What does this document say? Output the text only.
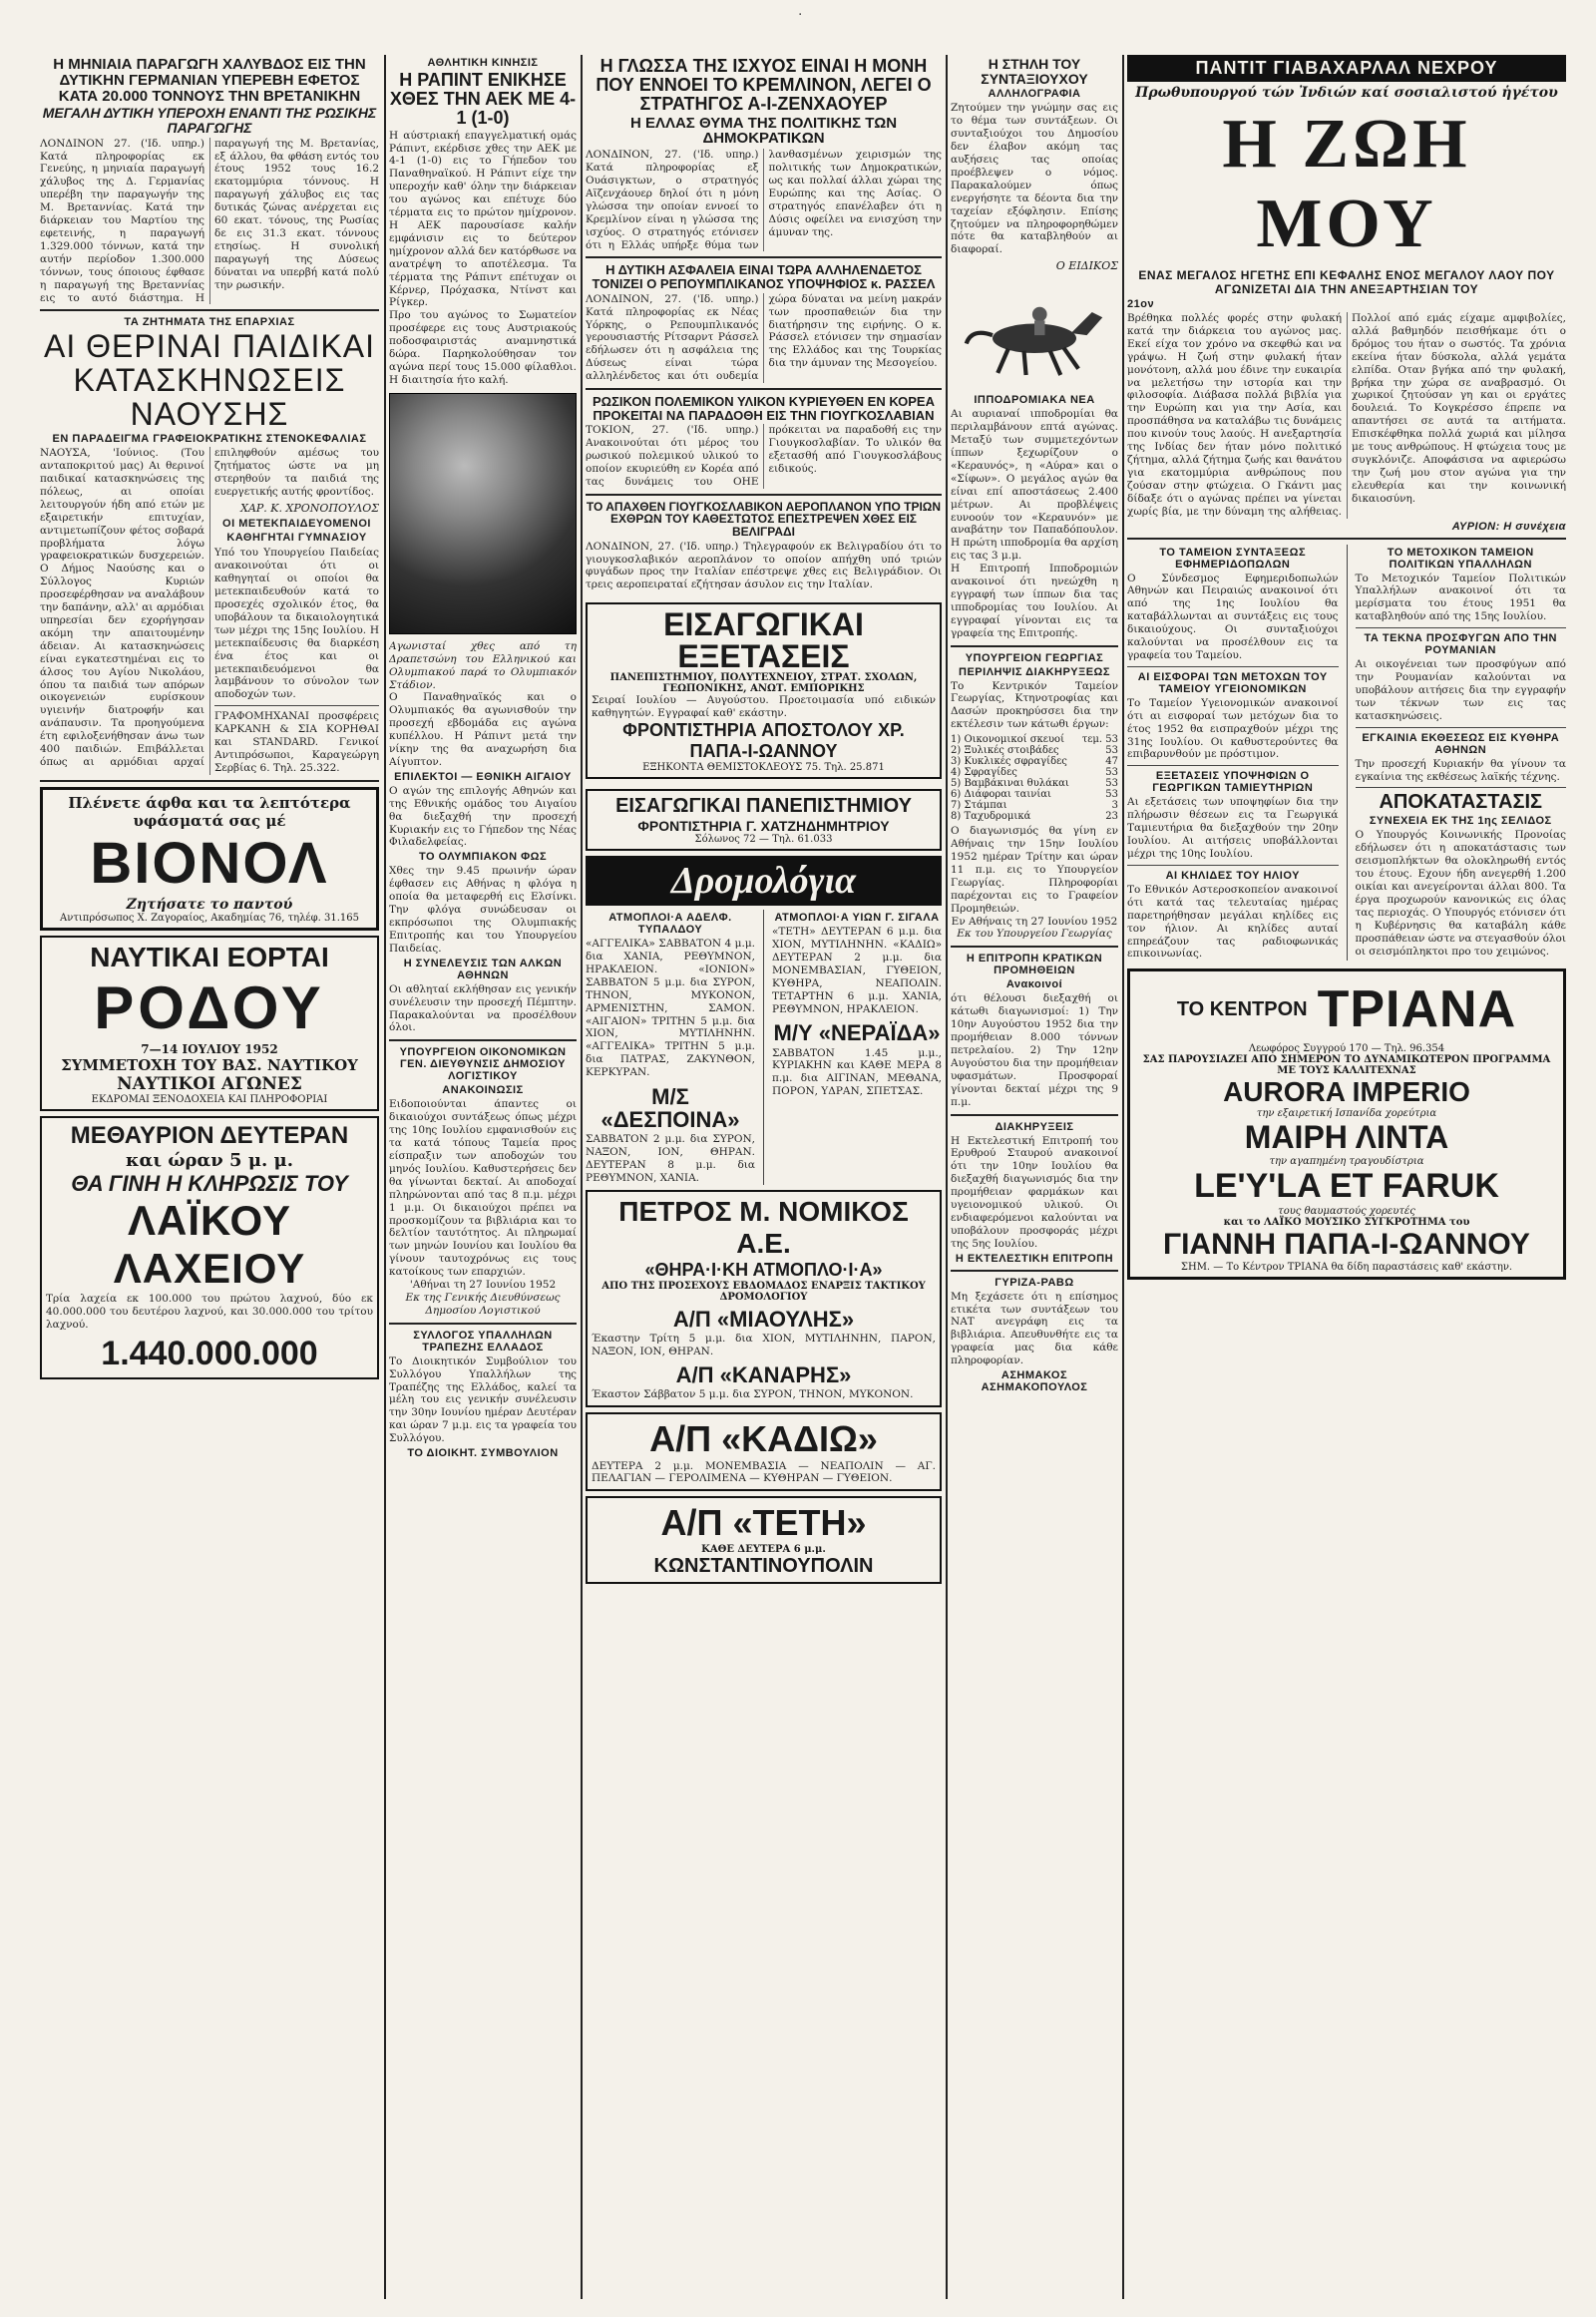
.
Η ΜΗΝΙΑΙΑ ΠΑΡΑΓΩΓΗ ΧΑΛΥΒΔΟΣ ΕΙΣ ΤΗΝ ΔΥΤΙΚΗΝ ΓΕΡΜΑΝΙΑΝ ΥΠΕΡΕΒΗ ΕΦΕΤΟΣ ΚΑΤΑ 20.000 ΤΟΝΝΟΥΣ ΤΗΝ ΒΡΕΤΑΝΙΚΗΝ
ΜΕΓΑΛΗ ΔΥΤΙΚΗ ΥΠΕΡΟΧΗ ΕΝΑΝΤΙ ΤΗΣ ΡΩΣΙΚΗΣ ΠΑΡΑΓΩΓΗΣ
ΛΟΝΔΙΝΟΝ 27. ('Ιδ. υπηρ.) Κατά πληροφορίας εκ Γενεύης, η μηνιαία παραγωγή χάλυβος της Δ. Γερμανίας υπερέβη την παραγωγήν της Μ. Βρεταννίας. Κατά την διάρκειαν του Μαρτίου της εφετεινής, η παραγωγή 1.329.000 τόννων, κατά την αυτήν περίοδον 1.300.000 τόννων, τους όποιους έφθασε η παραγωγή της Βρεταννίας εις το αυτό διάστημα. Η παραγωγή της Μ. Βρετανίας, εξ άλλου, θα φθάση εντός του έτους 1952 τους 16.2 εκατομμύρια τόννους. Η παραγωγή χάλυβος εις τας δυτικάς ζώνας ανέρχεται εις 60 εκατ. τόνους, της Ρωσίας δε εις 31.3 εκατ. τόννους ετησίως. Η συνολική παραγωγή της Δύσεως δύναται να υπερβή κατά πολύ την ρωσικήν.
ΤΑ ΖΗΤΗΜΑΤΑ ΤΗΣ ΕΠΑΡΧΙΑΣ
ΑΙ ΘΕΡΙΝΑΙ ΠΑΙΔΙΚΑΙ ΚΑΤΑΣΚΗΝΩΣΕΙΣ ΝΑΟΥΣΗΣ
ΕΝ ΠΑΡΑΔΕΙΓΜΑ ΓΡΑΦΕΙΟΚΡΑΤΙΚΗΣ ΣΤΕΝΟΚΕΦΑΛΙΑΣ
ΝΑΟΥΣΑ, 'Ιούνιος. (Του ανταποκριτού μας) Αι θερινοί παιδικαί κατασκηνώσεις της πόλεως, αι οποίαι λειτουργούν ήδη από ετών με εξαιρετικήν επιτυχίαν, αντιμετωπίζουν φέτος σοβαρά προβλήματα λόγω γραφειοκρατικών δυσχερειών. Ο Δήμος Ναούσης και ο Σύλλογος Κυριών προσεφέρθησαν να αναλάβουν την δαπάνην, αλλ' αι αρμόδιαι υπηρεσίαι δεν εχορήγησαν ακόμη την απαιτουμένην άδειαν. Αι κατασκηνώσεις είναι εγκατεστημέναι εις το άλσος του Αγίου Νικολάου, όπου τα παιδιά των απόρων οικογενειών ευρίσκουν υγιεινήν διατροφήν και ανάπαυσιν. Τα προηγούμενα έτη εφιλοξενήθησαν άνω των 400 παιδιών. Επιβάλλεται όπως αι αρμόδιαι αρχαί επιληφθούν αμέσως του ζητήματος ώστε να μη στερηθούν τα παιδιά της ευεργετικής αυτής φροντίδος.
ΧΑΡ. Κ. ΧΡΟΝΟΠΟΥΛΟΣ
ΟΙ ΜΕΤΕΚΠΑΙΔΕΥΟΜΕΝΟΙ ΚΑΘΗΓΗΤΑΙ ΓΥΜΝΑΣΙΟΥ
Υπό του Υπουργείου Παιδείας ανακοινούται ότι οι καθηγηταί οι οποίοι θα μετεκπαιδευθούν κατά το προσεχές σχολικόν έτος, θα υποβάλουν τα δικαιολογητικά των μέχρι της 15ης Ιουλίου. Η μετεκπαίδευσις θα διαρκέση ένα έτος και οι μετεκπαιδευόμενοι θα λαμβάνουν το σύνολον των αποδοχών των.
ΓΡΑΦΟΜΗΧΑΝΑΙ προσφέρεις ΚΑΡΚΑΝΗ & ΣΙΑ ΚΟΡΗΘΑΙ και STANDARD. Γενικοί Αντιπρόσωποι, Καραγεώργη Σερβίας 6. Τηλ. 25.322.
Πλένετε άφθα και τα λεπτότερα υφάσματά σας μέ
ΒΙΟΝΟΛ
Ζητήσατε το παντού
Αντιπρόσωπος Χ. Ζαγοραίος, Ακαδημίας 76, τηλέφ. 31.165
ΝΑΥΤΙΚΑΙ ΕΟΡΤΑΙ
ΡΟΔΟΥ
7—14 ΙΟΥΛΙΟΥ 1952
ΣΥΜΜΕΤΟΧΗ ΤΟΥ ΒΑΣ. ΝΑΥΤΙΚΟΥ
ΝΑΥΤΙΚΟΙ ΑΓΩΝΕΣ
ΕΚΔΡΟΜΑΙ ΞΕΝΟΔΟΧΕΙΑ ΚΑΙ ΠΛΗΡΟΦΟΡΙΑΙ
ΜΕΘΑΥΡΙΟΝ ΔΕΥΤΕΡΑΝ
και ώραν 5 μ. μ.
ΘΑ ΓΙΝΗ Η ΚΛΗΡΩΣΙΣ ΤΟΥ
ΛΑΪΚΟΥ ΛΑΧΕΙΟΥ
Τρία λαχεία εκ 100.000 του πρώτου λαχνού, δύο εκ 40.000.000 του δευτέρου λαχνού, και 30.000.000 του τρίτου λαχνού.
1.440.000.000
ΑΘΛΗΤΙΚΗ ΚΙΝΗΣΙΣ
Η ΡΑΠΙΝΤ ΕΝΙΚΗΣΕ ΧΘΕΣ ΤΗΝ ΑΕΚ ΜΕ 4-1 (1-0)
Η αύστριακή επαγγελματική ομάς Ράπιντ, εκέρδισε χθες την ΑΕΚ με 4-1 (1-0) εις το Γήπεδον του Παναθηναϊκού. Η Ράπιντ είχε την υπεροχήν καθ' όλην την διάρκειαν του αγώνος και επέτυχε δύο τέρματα εις το πρώτον ημίχρονον. Η ΑΕΚ παρουσίασε καλήν εμφάνισιν εις το δεύτερον ημίχρονον αλλά δεν κατόρθωσε να ανατρέψη το αποτέλεσμα. Τα τέρματα της Ράπιντ επέτυχαν οι Κέρνερ, Πρόχασκα, Ντίνστ και Ρίγκερ.
Προ του αγώνος το Σωματείον προσέφερε εις τους Αυστριακούς ποδοσφαιριστάς αναμνηστικά δώρα. Παρηκολούθησαν τον αγώνα περί τους 15.000 φίλαθλοι. Η διαιτησία ήτο καλή.
Αγωνισταί χθες από τη Δραπετσώνη του Ελληνικού και Ολυμπιακού παρά το Ολυμπιακόν Στάδιον.
Ο Παναθηναϊκός και ο Ολυμπιακός θα αγωνισθούν την προσεχή εβδομάδα εις αγώνα κυπέλλου. Η Ράπιντ μετά την νίκην της θα αναχωρήση δια Αίγυπτον.
ΕΠΙΛΕΚΤΟΙ — ΕΘΝΙΚΗ ΑΙΓΑΙΟΥ
Ο αγών της επιλογής Αθηνών και της Εθνικής ομάδος του Αιγαίου θα διεξαχθή την προσεχή Κυριακήν εις το Γήπεδον της Νέας Φιλαδελφείας.
ΤΟ ΟΛΥΜΠΙΑΚΟΝ ΦΩΣ
Χθες την 9.45 πρωινήν ώραν έφθασεν εις Αθήνας η φλόγα η οποία θα μεταφερθή εις Ελσίνκι. Την φλόγα συνώδευσαν οι εκπρόσωποι της Ολυμπιακής Επιτροπής και του Υπουργείου Παιδείας.
Η ΣΥΝΕΛΕΥΣΙΣ ΤΩΝ ΑΛΚΩΝ ΑΘΗΝΩΝ
Οι αθληταί εκλήθησαν εις γενικήν συνέλευσιν την προσεχή Πέμπτην. Παρακαλούνται να προσέλθουν όλοι.
ΥΠΟΥΡΓΕΙΟΝ ΟΙΚΟΝΟΜΙΚΩΝ ΓΕΝ. ΔΙΕΥΘΥΝΣΙΣ ΔΗΜΟΣΙΟΥ ΛΟΓΙΣΤΙΚΟΥ
ΑΝΑΚΟΙΝΩΣΙΣ
Ειδοποιούνται άπαντες οι δικαιούχοι συντάξεως όπως μέχρι της 10ης Ιουλίου εμφανισθούν εις τα κατά τόπους Ταμεία προς είσπραξιν των αποδοχών του μηνός Ιουλίου. Καθυστερήσεις δεν θα γίνωνται δεκταί. Αι αποδοχαί πληρώνονται από τας 8 π.μ. μέχρι 1 μ.μ. Οι δικαιούχοι πρέπει να προσκομίζουν τα βιβλιάρια και το δελτίον ταυτότητος. Αι πληρωμαί των μηνών Ιουνίου και Ιουλίου θα γίνουν ταυτοχρόνως εις τους κατοίκους των επαρχιών.
'Αθήναι τη 27 Ιουνίου 1952
Εκ της Γενικής Διευθύνσεως Δημοσίου Λογιστικού
ΣΥΛΛΟΓΟΣ ΥΠΑΛΛΗΛΩΝ ΤΡΑΠΕΖΗΣ ΕΛΛΑΔΟΣ
Το Διοικητικόν Συμβούλιον του Συλλόγου Υπαλλήλων της Τραπέζης της Ελλάδος, καλεί τα μέλη του εις γενικήν συνέλευσιν την 30ην Ιουνίου ημέραν Δευτέραν και ώραν 7 μ.μ. εις τα γραφεία του Συλλόγου.
ΤΟ ΔΙΟΙΚΗΤ. ΣΥΜΒΟΥΛΙΟΝ
Η ΓΛΩΣΣΑ ΤΗΣ ΙΣΧΥΟΣ ΕΙΝΑΙ Η ΜΟΝΗ ΠΟΥ ΕΝΝΟΕΙ ΤΟ ΚΡΕΜΛΙΝΟΝ, ΛΕΓΕΙ Ο ΣΤΡΑΤΗΓΟΣ Α-Ι-ΖΕΝΧΑΟΥΕΡ
Η ΕΛΛΑΣ ΘΥΜΑ ΤΗΣ ΠΟΛΙΤΙΚΗΣ ΤΩΝ ΔΗΜΟΚΡΑΤΙΚΩΝ
ΛΟΝΔΙΝΟΝ, 27. ('Ιδ. υπηρ.) Κατά πληροφορίας εξ Ουάσιγκτων, ο στρατηγός Αϊζενχάουερ δηλοί ότι η μόνη γλώσσα την οποίαν εννοεί το Κρεμλίνον είναι η γλώσσα της ισχύος. Ο στρατηγός ετόνισεν ότι η Ελλάς υπήρξε θύμα των λανθασμένων χειρισμών της πολιτικής των Δημοκρατικών, ως και πολλαί άλλαι χώραι της Ευρώπης και της Ασίας. Ο στρατηγός επανέλαβεν ότι η Δύσις οφείλει να ενισχύση την άμυναν της.
Η ΔΥΤΙΚΗ ΑΣΦΑΛΕΙΑ ΕΙΝΑΙ ΤΩΡΑ ΑΛΛΗΛΕΝΔΕΤΟΣ ΤΟΝΙΖΕΙ Ο ΡΕΠΟΥΜΠΛΙΚΑΝΟΣ ΥΠΟΨΗΦΙΟΣ κ. ΡΑΣΣΕΛ
ΛΟΝΔΙΝΟΝ, 27. ('Ιδ. υπηρ.) Κατά πληροφορίας εκ Νέας Υόρκης, ο Ρεπουμπλικανός γερουσιαστής Ρίτσαρντ Ράσσελ εδήλωσεν ότι η ασφάλεια της Δύσεως είναι τώρα αλληλένδετος και ότι ουδεμία χώρα δύναται να μείνη μακράν των προσπαθειών δια την διατήρησιν της ειρήνης. Ο κ. Ράσσελ ετόνισεν την σημασίαν της Ελλάδος και της Τουρκίας δια την άμυναν της Μεσογείου.
ΡΩΣΙΚΟΝ ΠΟΛΕΜΙΚΟΝ ΥΛΙΚΟΝ ΚΥΡΙΕΥΘΕΝ ΕΝ ΚΟΡΕΑ ΠΡΟΚΕΙΤΑΙ ΝΑ ΠΑΡΑΔΟΘΗ ΕΙΣ ΤΗΝ ΓΙΟΥΓΚΟΣΛΑΒΙΑΝ
ΤΟΚΙΟΝ, 27. ('Ιδ. υπηρ.) Ανακοινούται ότι μέρος του ρωσικού πολεμικού υλικού το οποίον εκυριεύθη εν Κορέα από τας δυνάμεις του ΟΗΕ πρόκειται να παραδοθή εις την Γιουγκοσλαβίαν. Το υλικόν θα εξετασθή από Γιουγκοσλάβους ειδικούς.
ΤΟ ΑΠΑΧΘΕΝ ΓΙΟΥΓΚΟΣΛΑΒΙΚΟΝ ΑΕΡΟΠΛΑΝΟΝ ΥΠΟ ΤΡΙΩΝ ΕΧΘΡΩΝ ΤΟΥ ΚΑΘΕΣΤΩΤΟΣ ΕΠΕΣΤΡΕΨΕΝ ΧΘΕΣ ΕΙΣ ΒΕΛΙΓΡΑΔΙ
ΛΟΝΔΙΝΟΝ, 27. ('Ιδ. υπηρ.) Τηλεγραφούν εκ Βελιγραδίου ότι το γιουγκοσλαβικόν αεροπλάνον το οποίον απήχθη υπό τριών φυγάδων προς την Ιταλίαν επέστρεψε χθες εις Βελιγράδιον. Οι τρεις αεροπειραταί εζήτησαν άσυλον εις την Ιταλίαν.
ΕΙΣΑΓΩΓΙΚΑΙ ΕΞΕΤΑΣΕΙΣ
ΠΑΝΕΠΙΣΤΗΜΙΟΥ, ΠΟΛΥΤΕΧΝΕΙΟΥ, ΣΤΡΑΤ. ΣΧΟΛΩΝ, ΓΕΩΠΟΝΙΚΗΣ, ΑΝΩΤ. ΕΜΠΟΡΙΚΗΣ
Σειραί Ιουλίου — Αυγούστου. Προετοιμασία υπό ειδικών καθηγητών. Εγγραφαί καθ' εκάστην.
ΦΡΟΝΤΙΣΤΗΡΙΑ ΑΠΟΣΤΟΛΟΥ ΧΡ. ΠΑΠΑ-Ι-ΩΑΝΝΟΥ
ΕΞΗΚΟΝΤΑ ΘΕΜΙΣΤΟΚΛΕΟΥΣ 75. Τηλ. 25.871
ΕΙΣΑΓΩΓΙΚΑΙ ΠΑΝΕΠΙΣΤΗΜΙΟΥ
ΦΡΟΝΤΙΣΤΗΡΙΑ Γ. ΧΑΤΖΗΔΗΜΗΤΡΙΟΥ
Σόλωνος 72 — Τηλ. 61.033
Δρομολόγια
ΑΤΜΟΠΛΟΙ·Α ΑΔΕΛΦ. ΤΥΠΑΛΔΟΥ
«ΑΓΓΕΛΙΚΑ» ΣΑΒΒΑΤΟΝ 4 μ.μ. δια ΧΑΝΙΑ, ΡΕΘΥΜΝΟΝ, ΗΡΑΚΛΕΙΟΝ. «ΙΟΝΙΟΝ» ΣΑΒΒΑΤΟΝ 5 μ.μ. δια ΣΥΡΟΝ, ΤΗΝΟΝ, ΜΥΚΟΝΟΝ, ΑΡΜΕΝΙΣΤΗΝ, ΣΑΜΟΝ. «ΑΙΓΑΙΟΝ» ΤΡΙΤΗΝ 5 μ.μ. δια ΧΙΟΝ, ΜΥΤΙΛΗΝΗΝ. «ΑΓΓΕΛΙΚΑ» ΤΡΙΤΗΝ 5 μ.μ. δια ΠΑΤΡΑΣ, ΖΑΚΥΝΘΟΝ, ΚΕΡΚΥΡΑΝ.
Μ/Σ «ΔΕΣΠΟΙΝΑ»
ΣΑΒΒΑΤΟΝ 2 μ.μ. δια ΣΥΡΟΝ, ΝΑΞΟΝ, ΙΟΝ, ΘΗΡΑΝ. ΔΕΥΤΕΡΑΝ 8 μ.μ. δια ΡΕΘΥΜΝΟΝ, ΧΑΝΙΑ.
ΑΤΜΟΠΛΟΙ·Α ΥΙΩΝ Γ. ΣΙΓΑΛΑ
«ΤΕΤΗ» ΔΕΥΤΕΡΑΝ 6 μ.μ. δια ΧΙΟΝ, ΜΥΤΙΛΗΝΗΝ. «ΚΑΔΙΩ» ΔΕΥΤΕΡΑΝ 2 μ.μ. δια ΜΟΝΕΜΒΑΣΙΑΝ, ΓΥΘΕΙΟΝ, ΚΥΘΗΡΑ, ΝΕΑΠΟΛΙΝ. ΤΕΤΑΡΤΗΝ 6 μ.μ. ΧΑΝΙΑ, ΡΕΘΥΜΝΟΝ, ΗΡΑΚΛΕΙΟΝ.
Μ/Υ «ΝΕΡΑΪΔΑ»
ΣΑΒΒΑΤΟΝ 1.45 μ.μ., ΚΥΡΙΑΚΗΝ και ΚΑΘΕ ΜΕΡΑ 8 π.μ. δια ΑΙΓΙΝΑΝ, ΜΕΘΑΝΑ, ΠΟΡΟΝ, ΥΔΡΑΝ, ΣΠΕΤΣΑΣ.
ΠΕΤΡΟΣ Μ. ΝΟΜΙΚΟΣ Α.Ε.
«ΘΗΡΑ·Ι·ΚΗ ΑΤΜΟΠΛΟ·Ι·Α»
ΑΠΟ ΤΗΣ ΠΡΟΣΕΧΟΥΣ ΕΒΔΟΜΑΔΟΣ ΕΝΑΡΞΙΣ ΤΑΚΤΙΚΟΥ ΔΡΟΜΟΛΟΓΙΟΥ
Α/Π «ΜΙΑΟΥΛΗΣ»
Έκαστην Τρίτη 5 μ.μ. δια ΧΙΟΝ, ΜΥΤΙΛΗΝΗΝ, ΠΑΡΟΝ, ΝΑΞΟΝ, ΙΟΝ, ΘΗΡΑΝ.
Α/Π «ΚΑΝΑΡΗΣ»
Έκαστον Σάββατον 5 μ.μ. δια ΣΥΡΟΝ, ΤΗΝΟΝ, ΜΥΚΟΝΟΝ.
Α/Π «ΚΑΔΙΩ»
ΔΕΥΤΕΡΑ 2 μ.μ. ΜΟΝΕΜΒΑΣΙΑ — ΝΕΑΠΟΛΙΝ — ΑΓ. ΠΕΛΑΓΙΑΝ — ΓΕΡΟΛΙΜΕΝΑ — ΚΥΘΗΡΑΝ — ΓΥΘΕΙΟΝ.
Α/Π «ΤΕΤΗ»
ΚΑΘΕ ΔΕΥΤΕΡΑ 6 μ.μ.
ΚΩΝΣΤΑΝΤΙΝΟΥΠΟΛΙΝ
Η ΣΤΗΛΗ ΤΟΥ ΣΥΝΤΑΞΙΟΥΧΟΥ
ΑΛΛΗΛΟΓΡΑΦΙΑ
Ζητούμεν την γνώμην σας εις το θέμα των συντάξεων. Οι συνταξιούχοι του Δημοσίου δεν έλαβον ακόμη τας αυξήσεις τας οποίας προέβλεψεν ο νόμος. Παρακαλούμεν όπως ενεργήσητε τα δέοντα δια την ταχείαν εξόφλησιν. Επίσης ζητούμεν να πληροφορηθώμεν πότε θα καταβληθούν αι διαφοραί.
Ο ΕΙΔΙΚΟΣ
ΙΠΠΟΔΡΟΜΙΑΚΑ ΝΕΑ
Αι αυριαναί ιπποδρομίαι θα περιλαμβάνουν επτά αγώνας. Μεταξύ των συμμετεχόντων ίππων ξεχωρίζουν ο «Κεραυνός», η «Αύρα» και ο «Σίφων». Ο μεγάλος αγών θα είναι επί αποστάσεως 2.400 μέτρων. Αι προβλέψεις ευνοούν τον «Κεραυνόν» με αναβάτην τον Παπαδόπουλον. Η πρώτη ιπποδρομία θα αρχίση εις τας 3 μ.μ.
Η Επιτροπή Ιπποδρομιών ανακοινοί ότι ηνεώχθη η εγγραφή των ίππων δια τας ιπποδρομίας του Ιουλίου. Αι εγγραφαί γίνονται εις τα γραφεία της Επιτροπής.
ΥΠΟΥΡΓΕΙΟΝ ΓΕΩΡΓΙΑΣ
ΠΕΡΙΛΗΨΙΣ ΔΙΑΚΗΡΥΞΕΩΣ
Το Κεντρικόν Ταμείον Γεωργίας, Κτηνοτροφίας και Δασών προκηρύσσει δια την εκτέλεσιν των κάτωθι έργων:
1) Οικονομικοί σκευοί τεμ. 53
2) Ξυλικές στοιβάδες	53
3) Κυκλικές σφραγίδες	47
4) Σφραγίδες	53
5) Βαμβάκιναι θυλάκαι	53
6) Διάφοραι ταινίαι	53
7) Στάμπαι	3
8) Ταχυδρομικά	23
Ο διαγωνισμός θα γίνη εν Αθήναις την 15ην Ιουλίου 1952 ημέραν Τρίτην και ώραν 11 π.μ. εις το Υπουργείον Γεωργίας. Πληροφορίαι παρέχονται εις το Γραφείον Προμηθειών.
Εν Αθήναις τη 27 Ιουνίου 1952
Εκ του Υπουργείου Γεωργίας
Η ΕΠΙΤΡΟΠΗ ΚΡΑΤΙΚΩΝ ΠΡΟΜΗΘΕΙΩΝ
Ανακοινοί
ότι θέλουσι διεξαχθή οι κάτωθι διαγωνισμοί: 1) Την 10ην Αυγούστου 1952 δια την προμήθειαν 8.000 τόννων πετρελαίου. 2) Την 12ην Αυγούστου δια την προμήθειαν υφασμάτων. Προσφοραί γίνονται δεκταί μέχρι της 9 π.μ.
ΔΙΑΚΗΡΥΞΕΙΣ
Η Εκτελεστική Επιτροπή του Ερυθρού Σταυρού ανακοινοί ότι την 10ην Ιουλίου θα διεξαχθή διαγωνισμός δια την προμήθειαν φαρμάκων και υγειονομικού υλικού. Οι ενδιαφερόμενοι καλούνται να υποβάλουν προσφοράς μέχρι της 5ης Ιουλίου.
Η ΕΚΤΕΛΕΣΤΙΚΗ ΕΠΙΤΡΟΠΗ
ΓΥΡΙΖΑ-ΡΑΒΩ
Μη ξεχάσετε ότι η επίσημος ετικέτα των συντάξεων του ΝΑΤ ανεγράφη εις τα βιβλιάρια. Απευθυνθήτε εις τα γραφεία μας δια κάθε πληροφορίαν.
ΑΣΗΜΑΚΟΣ ΑΣΗΜΑΚΟΠΟΥΛΟΣ
ΠΑΝΤΙΤ ΓΙΑΒΑΧΑΡΛΑΛ ΝΕΧΡΟΥ
Πρωθυπουργού τών Ἰνδιών καί σοσιαλιστού ἡγέτου
Η ΖΩΗ ΜΟΥ
ΕΝΑΣ ΜΕΓΑΛΟΣ ΗΓΕΤΗΣ ΕΠΙ ΚΕΦΑΛΗΣ ΕΝΟΣ ΜΕΓΑΛΟΥ ΛΑΟΥ ΠΟΥ ΑΓΩΝΙΖΕΤΑΙ ΔΙΑ ΤΗΝ ΑΝΕΞΑΡΤΗΣΙΑΝ ΤΟΥ
21ον
Βρέθηκα πολλές φορές στην φυλακή κατά την διάρκεια του αγώνος μας. Εκεί είχα τον χρόνο να σκεφθώ και να γράψω. Η ζωή στην φυλακή ήταν μονότονη, αλλά μου έδινε την ευκαιρία να μελετήσω την ιστορία και την φιλοσοφία. Διάβασα πολλά βιβλία για την Ευρώπη και για την Ασία, και προσπάθησα να καταλάβω τις δυνάμεις που κινούν τους λαούς. Η ανεξαρτησία της Ινδίας δεν ήταν μόνο πολιτικό ζήτημα, αλλά ζήτημα ζωής και θανάτου για εκατομμύρια ανθρώπους που ζούσαν στην φτώχεια. Ο Γκάντι μας δίδαξε ότι ο αγώνας πρέπει να γίνεται χωρίς βία, με την δύναμη της αλήθειας. Πολλοί από εμάς είχαμε αμφιβολίες, αλλά βαθμηδόν πεισθήκαμε ότι ο δρόμος του ήταν ο σωστός. Τα χρόνια εκείνα ήταν δύσκολα, αλλά γεμάτα ελπίδα. Οταν βγήκα από την φυλακή, βρήκα την χώρα σε αναβρασμό. Οι χωρικοί ζητούσαν γη και οι εργάτες δουλειά. Το Κογκρέσσο έπρεπε να απαντήσει σε αυτά τα αιτήματα. Επισκέφθηκα πολλά χωριά και μίλησα με τους ανθρώπους. Η φτώχεια τους με συγκλόνιζε. Αποφάσισα να αφιερώσω την ζωή μου στον αγώνα για την ελευθερία και την κοινωνική δικαιοσύνη.
ΑΥΡΙΟΝ: Η συνέχεια
ΤΟ ΤΑΜΕΙΟΝ ΣΥΝΤΑΞΕΩΣ ΕΦΗΜΕΡΙΔΟΠΩΛΩΝ
Ο Σύνδεσμος Εφημεριδοπωλών Αθηνών και Πειραιώς ανακοινοί ότι από της 1ης Ιουλίου θα καταβάλλωνται αι συντάξεις εις τους δικαιούχους. Οι συνταξιούχοι καλούνται να προσέλθουν εις τα γραφεία του Ταμείου.
ΑΙ ΕΙΣΦΟΡΑΙ ΤΩΝ ΜΕΤΟΧΩΝ ΤΟΥ ΤΑΜΕΙΟΥ ΥΓΕΙΟΝΟΜΙΚΩΝ
Το Ταμείον Υγειονομικών ανακοινοί ότι αι εισφοραί των μετόχων δια το έτος 1952 θα εισπραχθούν μέχρι της 31ης Ιουλίου. Οι καθυστερούντες θα επιβαρυνθούν με πρόστιμον.
ΕΞΕΤΑΣΕΙΣ ΥΠΟΨΗΦΙΩΝ Ο ΓΕΩΡΓΙΚΩΝ ΤΑΜΙΕΥΤΗΡΙΩΝ
Αι εξετάσεις των υποψηφίων δια την πλήρωσιν θέσεων εις τα Γεωργικά Ταμιευτήρια θα διεξαχθούν την 20ην Ιουλίου. Αι αιτήσεις υποβάλλονται μέχρι της 10ης Ιουλίου.
ΑΙ ΚΗΛΙΔΕΣ ΤΟΥ ΗΛΙΟΥ
Το Εθνικόν Αστεροσκοπείον ανακοινοί ότι κατά τας τελευταίας ημέρας παρετηρήθησαν μεγάλαι κηλίδες εις τον ήλιον. Αι κηλίδες αυταί επηρεάζουν τας ραδιοφωνικάς επικοινωνίας.
ΤΟ ΜΕΤΟΧΙΚΟΝ ΤΑΜΕΙΟΝ ΠΟΛΙΤΙΚΩΝ ΥΠΑΛΛΗΛΩΝ
Το Μετοχικόν Ταμείον Πολιτικών Υπαλλήλων ανακοινοί ότι τα μερίσματα του έτους 1951 θα καταβληθούν από της 15ης Ιουλίου.
ΤΑ ΤΕΚΝΑ ΠΡΟΣΦΥΓΩΝ ΑΠΟ ΤΗΝ ΡΟΥΜΑΝΙΑΝ
Αι οικογένειαι των προσφύγων από την Ρουμανίαν καλούνται να υποβάλουν αιτήσεις δια την εγγραφήν των τέκνων των εις τας κατασκηνώσεις.
ΕΓΚΑΙΝΙΑ ΕΚΘΕΣΕΩΣ ΕΙΣ ΚΥΘΗΡΑ ΑΘΗΝΩΝ
Την προσεχή Κυριακήν θα γίνουν τα εγκαίνια της εκθέσεως λαϊκής τέχνης.
ΑΠΟΚΑΤΑΣΤΑΣΙΣ
ΣΥΝΕΧΕΙΑ ΕΚ ΤΗΣ 1ης ΣΕΛΙΔΟΣ
Ο Υπουργός Κοινωνικής Προνοίας εδήλωσεν ότι η αποκατάστασις των σεισμοπλήκτων θα ολοκληρωθή εντός του έτους. Εχουν ήδη ανεγερθή 1.200 οικίαι και ανεγείρονται άλλαι 800. Τα έργα προχωρούν κανονικώς εις όλας τας περιοχάς. Ο Υπουργός ετόνισεν ότι η Κυβέρνησις θα καταβάλη κάθε προσπάθειαν ώστε να στεγασθούν όλοι οι σεισμόπληκτοι προ του χειμώνος.
ΤΟ ΚΕΝΤΡΟΝ ΤΡΙΑΝΑ
Λεωφόρος Συγγρού 170 — Τηλ. 96.354
ΣΑΣ ΠΑΡΟΥΣΙΑΖΕΙ ΑΠΟ ΣΗΜΕΡΟΝ ΤΟ ΔΥΝΑΜΙΚΩΤΕΡΟΝ ΠΡΟΓΡΑΜΜΑ ΜΕ ΤΟΥΣ ΚΑΛΛΙΤΕΧΝΑΣ
AURORA IMPERIO
την εξαιρετική Ισπανίδα χορεύτρια
ΜΑΙΡΗ ΛΙΝΤΑ
την αγαπημένη τραγουδίστρια
LE'Y'LA ET FARUK
τους θαυμαστούς χορευτές
και το ΛΑΪΚΟ ΜΟΥΣΙΚΟ ΣΥΓΚΡΟΤΗΜΑ του
ΓΙΑΝΝΗ ΠΑΠΑ-Ι-ΩΑΝΝΟΥ
ΣΗΜ. — Το Κέντρον ΤΡΙΑΝΑ θα δίδη παραστάσεις καθ' εκάστην.
